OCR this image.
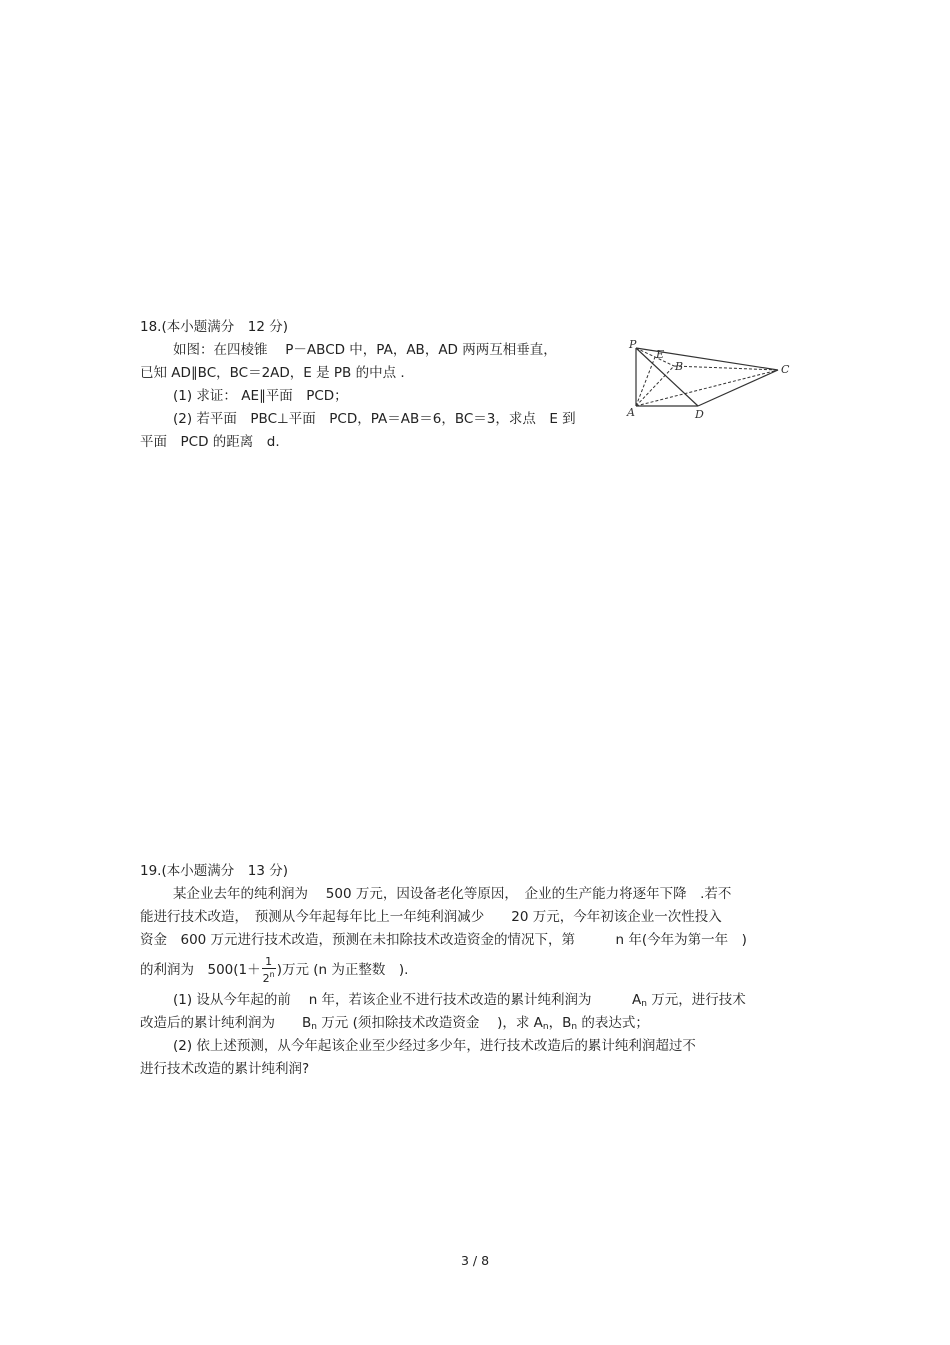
18.(本小题满分　12 分)
如图：在四棱锥　 P－ABCD 中，PA，AB，AD 两两互相垂直，
已知 AD∥BC，BC＝2AD，E 是 PB 的中点 .
(1) 求证： AE∥平面　PCD；
(2) 若平面　PBC⊥平面　PCD，PA＝AB＝6，BC＝3，求点　E 到
平面　PCD 的距离　d.
P
E
B	C
A	D
19.(本小题满分　13 分)
某企业去年的纯利润为　 500 万元，因设备老化等原因，　企业的生产能力将逐年下降　.若不
能进行技术改造，　预测从今年起每年比上一年纯利润减少　　20 万元，今年初该企业一次性投入
资金　600 万元进行技术改造，预测在未扣除技术改造资金的情况下，第　　　n 年(今年为第一年　)
的利润为　$500(1+ \frac{1}{2^n}$ )万元 (n 为正整数　).
(1) 设从今年起的前　 n 年，若该企业不进行技术改造的累计纯利润为　　　$A_n$ 万元，进行技术
改造后的累计纯利润为　　$B_n$ 万元 (须扣除技术改造资金　 )，求 $A_n$，$B_n$ 的表达式；
(2) 依上述预测，从今年起该企业至少经过多少年，进行技术改造后的累计纯利润超过不
进行技术改造的累计纯利润?
3 / 8
